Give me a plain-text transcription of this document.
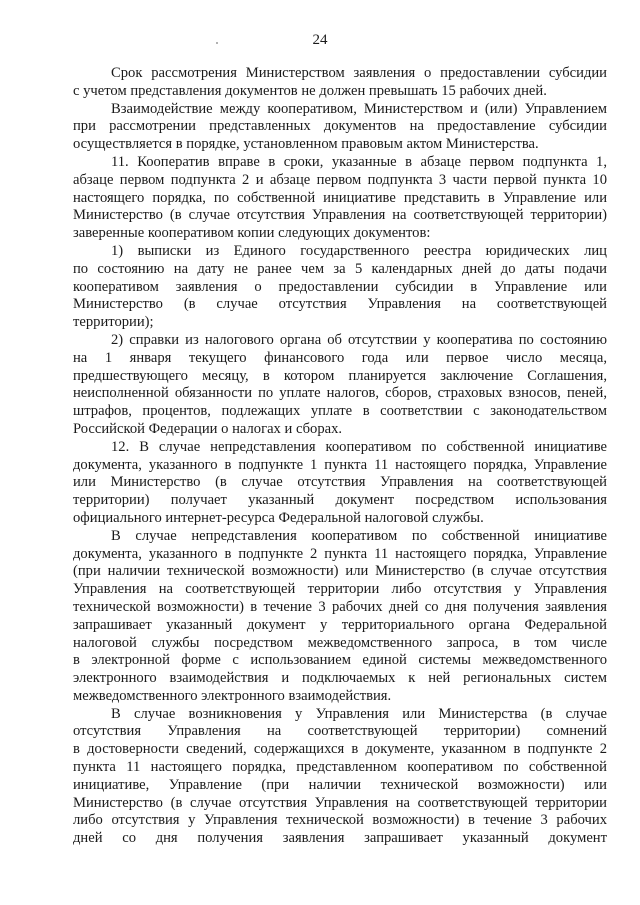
24
Срок рассмотрения Министерством заявления о предоставлении субсидии
с учетом представления документов не должен превышать 15 рабочих дней.
Взаимодействие между кооперативом, Министерством и (или) Управлением
при рассмотрении представленных документов на предоставление субсидии
осуществляется в порядке, установленном правовым актом Министерства.
11. Кооператив вправе в сроки, указанные в абзаце первом подпункта 1,
абзаце первом подпункта 2 и абзаце первом подпункта 3 части первой пункта 10
настоящего порядка, по собственной инициативе представить в Управление или
Министерство (в случае отсутствия Управления на соответствующей территории)
заверенные кооперативом копии следующих документов:
1) выписки из Единого государственного реестра юридических лиц
по состоянию на дату не ранее чем за 5 календарных дней до даты подачи
кооперативом заявления о предоставлении субсидии в Управление или
Министерство (в случае отсутствия Управления на соответствующей
территории);
2) справки из налогового органа об отсутствии у кооператива по состоянию
на 1 января текущего финансового года или первое число месяца,
предшествующего месяцу, в котором планируется заключение Соглашения,
неисполненной обязанности по уплате налогов, сборов, страховых взносов, пеней,
штрафов, процентов, подлежащих уплате в соответствии с законодательством
Российской Федерации о налогах и сборах.
12. В случае непредставления кооперативом по собственной инициативе
документа, указанного в подпункте 1 пункта 11 настоящего порядка, Управление
или Министерство (в случае отсутствия Управления на соответствующей
территории) получает указанный документ посредством использования
официального интернет-ресурса Федеральной налоговой службы.
В случае непредставления кооперативом по собственной инициативе
документа, указанного в подпункте 2 пункта 11 настоящего порядка, Управление
(при наличии технической возможности) или Министерство (в случае отсутствия
Управления на соответствующей территории либо отсутствия у Управления
технической возможности) в течение 3 рабочих дней со дня получения заявления
запрашивает указанный документ у территориального органа Федеральной
налоговой службы посредством межведомственного запроса, в том числе
в электронной форме с использованием единой системы межведомственного
электронного взаимодействия и подключаемых к ней региональных систем
межведомственного электронного взаимодействия.
В случае возникновения у Управления или Министерства (в случае
отсутствия Управления на соответствующей территории) сомнений
в достоверности сведений, содержащихся в документе, указанном в подпункте 2
пункта 11 настоящего порядка, представленном кооперативом по собственной
инициативе, Управление (при наличии технической возможности) или
Министерство (в случае отсутствия Управления на соответствующей территории
либо отсутствия у Управления технической возможности) в течение 3 рабочих
дней со дня получения заявления запрашивает указанный документ
